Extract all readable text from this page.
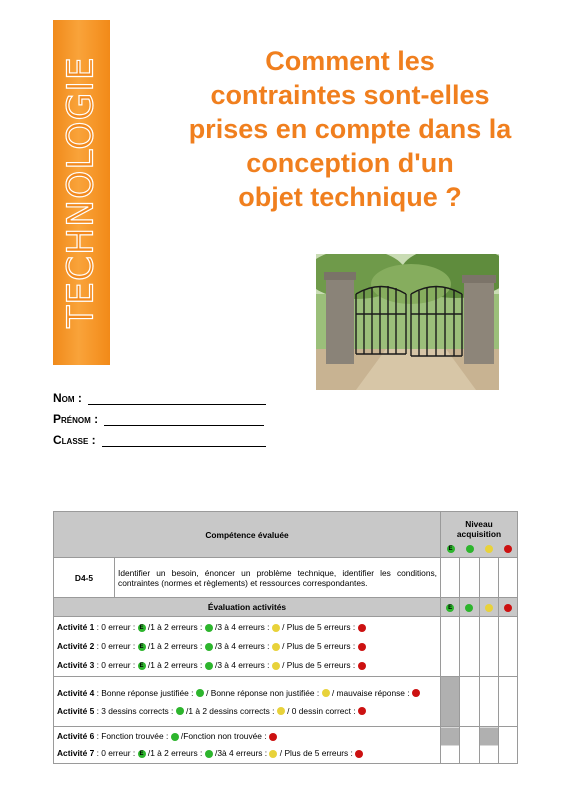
TECHNOLOGIE	Comment les
contraintes sont-elles
prises en compte dans la
conception d'un
objet technique ?
Nom :
Prénom :
Classe :
Compétence évaluée		Niveau acquisition
E

D4-5	Identifier un besoin, énoncer un problème technique, identifier les conditions, contraintes (normes et règlements) et ressources correspondantes.				
Évaluation activités	E			

Activité 1 : 0 erreur : E /1 à 2 erreurs :  /3 à 4 erreurs :  / Plus de 5 erreurs :
Activité 2 : 0 erreur : E /1 à 2 erreurs :  /3 à 4 erreurs :  / Plus de 5 erreurs :
Activité 3 : 0 erreur : E /1 à 2 erreurs :  /3 à 4 erreurs :  / Plus de 5 erreurs :

Activité 4 : Bonne réponse justifiée :  / Bonne réponse non justifiée :  / mauvaise réponse :
Activité 5 : 3 dessins corrects :  /1 à 2 dessins corrects :  / 0 dessin correct :					

Activité 6 : Fonction trouvée :  /Fonction non trouvée :
Activité 7 : 0 erreur : E /1 à 2 erreurs :  /3à 4 erreurs :  / Plus de 5 erreurs :
